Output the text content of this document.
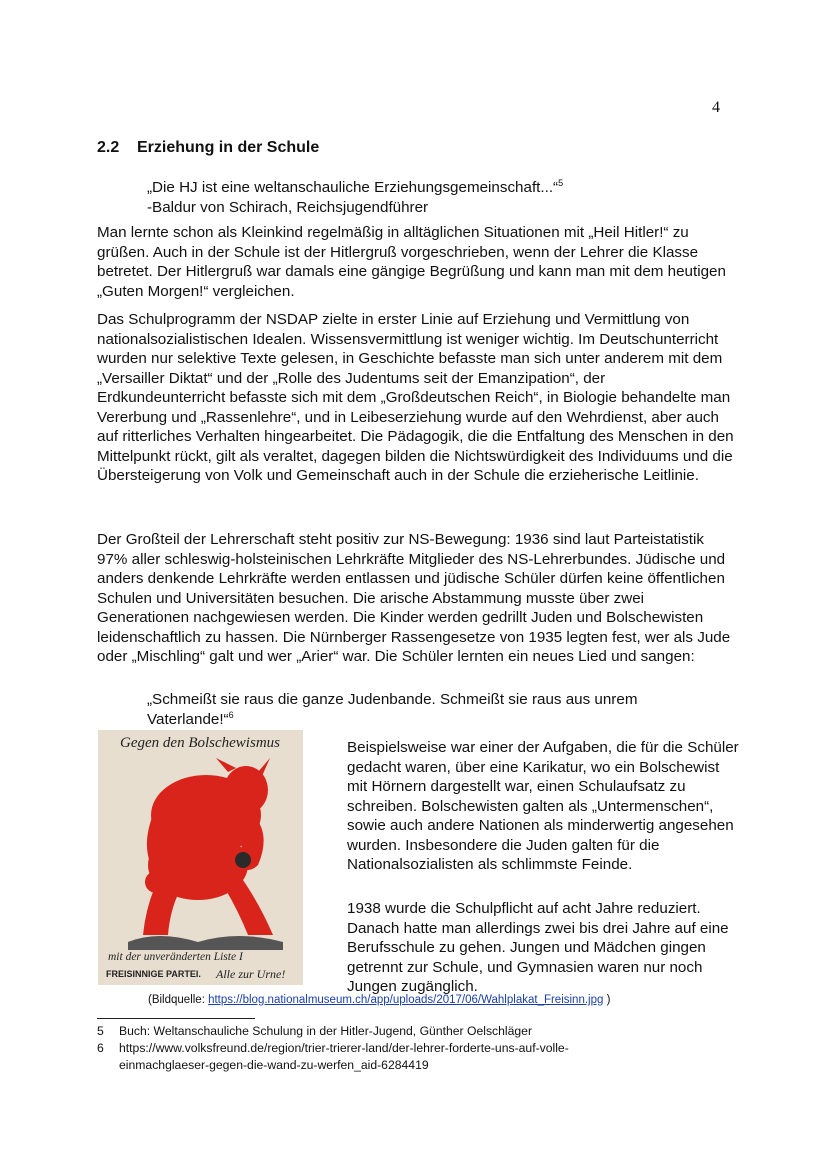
4
2.2 Erziehung in der Schule
„Die HJ ist eine weltanschauliche Erziehungsgemeinschaft...“$^5$
-Baldur von Schirach, Reichsjugendführer
Man lernte schon als Kleinkind regelmäßig in alltäglichen Situationen mit „Heil Hitler!“ zu grüßen. Auch in der Schule ist der Hitlergruß vorgeschrieben, wenn der Lehrer die Klasse betretet. Der Hitlergruß war damals eine gängige Begrüßung und kann man mit dem heutigen „Guten Morgen!“ vergleichen.
Das Schulprogramm der NSDAP zielte in erster Linie auf Erziehung und Vermittlung von nationalsozialistischen Idealen. Wissensvermittlung ist weniger wichtig. Im Deutschunterricht wurden nur selektive Texte gelesen, in Geschichte befasste man sich unter anderem mit dem „Versailler Diktat“ und der „Rolle des Judentums seit der Emanzipation“, der Erdkundeunterricht befasste sich mit dem „Großdeutschen Reich“, in Biologie behandelte man Vererbung und „Rassenlehre“, und in Leibeserziehung wurde auf den Wehrdienst, aber auch auf ritterliches Verhalten hingearbeitet. Die Pädagogik, die die Entfaltung des Menschen in den Mittelpunkt rückt, gilt als veraltet, dagegen bilden die Nichtswürdigkeit des Individuums und die Übersteigerung von Volk und Gemeinschaft auch in der Schule die erzieherische Leitlinie.
Der Großteil der Lehrerschaft steht positiv zur NS-Bewegung: 1936 sind laut Parteistatistik 97% aller schleswig-holsteinischen Lehrkräfte Mitglieder des NS-Lehrerbundes. Jüdische und anders denkende Lehrkräfte werden entlassen und jüdische Schüler dürfen keine öffentlichen Schulen und Universitäten besuchen. Die arische Abstammung musste über zwei Generationen nachgewiesen werden. Die Kinder werden gedrillt Juden und Bolschewisten leidenschaftlich zu hassen. Die Nürnberger Rassengesetze von 1935 legten fest, wer als Jude oder „Mischling“ galt und wer „Arier“ war. Die Schüler lernten ein neues Lied und sangen:
„Schmeißt sie raus die ganze Judenbande. Schmeißt sie raus aus unrem
Vaterlande!“$^6$
Gegen den Bolschewismus
mit der unveränderten Liste I
FREISINNIGE PARTEI. Alle zur Urne!
Beispielsweise war einer der Aufgaben, die für die Schüler gedacht waren, über eine Karikatur, wo ein Bolschewist mit Hörnern dargestellt war, einen Schulaufsatz zu schreiben. Bolschewisten galten als „Untermenschen“, sowie auch andere Nationen als minderwertig angesehen wurden. Insbesondere die Juden galten für die Nationalsozialisten als schlimmste Feinde.
1938 wurde die Schulpflicht auf acht Jahre reduziert. Danach hatte man allerdings zwei bis drei Jahre auf eine Berufsschule zu gehen. Jungen und Mädchen gingen getrennt zur Schule, und Gymnasien waren nur noch Jungen zugänglich.
(Bildquelle: https://blog.nationalmuseum.ch/app/uploads/2017/06/Wahlplakat_Freisinn.jpg )
5 Buch: Weltanschauliche Schulung in der Hitler-Jugend, Günther Oelschläger
6 https://www.volksfreund.de/region/trier-trierer-land/der-lehrer-forderte-uns-auf-volle-
einmachglaeser-gegen-die-wand-zu-werfen_aid-6284419
